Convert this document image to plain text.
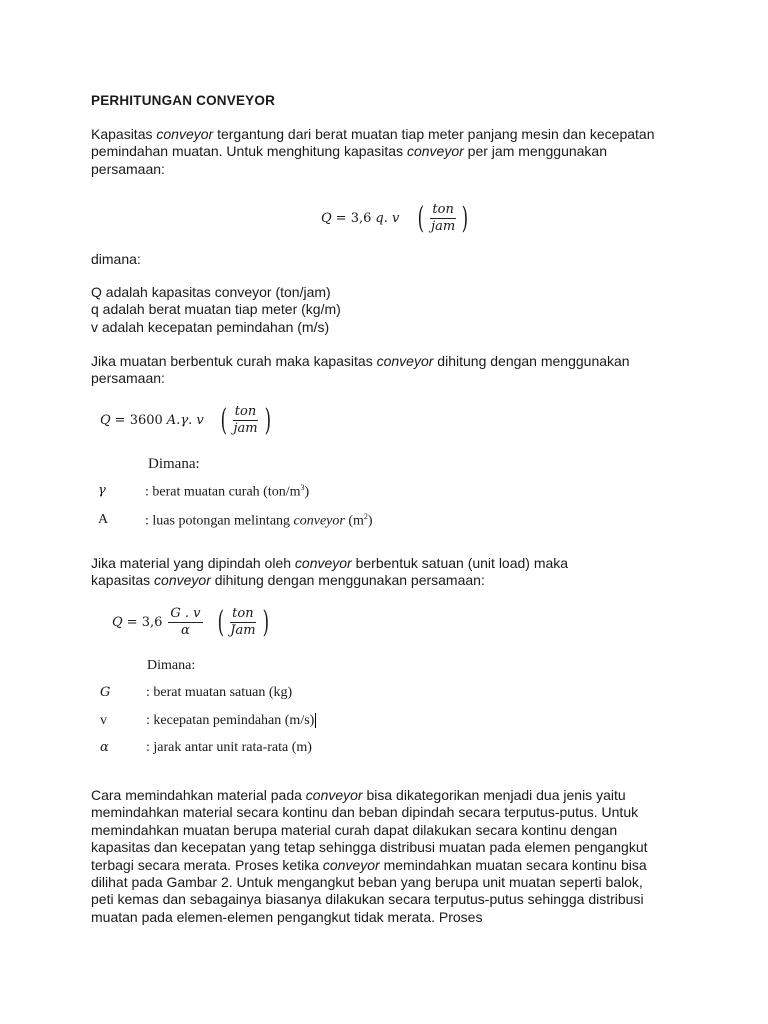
PERHITUNGAN CONVEYOR
Kapasitas conveyor tergantung dari berat muatan tiap meter panjang mesin dan kecepatan
pemindahan muatan. Untuk menghitung kapasitas conveyor per jam menggunakan
persamaan:
Q = 3,6 q .
v ( $\frac{\text{ton}}{\text{jam}}$ )
dimana:
Q adalah kapasitas conveyor (ton/jam)
q adalah berat muatan tiap meter (kg/m)
v adalah kecepatan pemindahan (m/s)
Jika muatan berbentuk curah maka kapasitas conveyor dihitung dengan menggunakan
persamaan:
Q = 3600 A . γ .
v ( $\frac{\text{ton}}{\text{jam}}$ )
Dimana:
γ	: berat muatan curah $(ton/m^3)$
A	: luas potongan melintang conveyor $(m^2)$
Jika material yang dipindah oleh conveyor berbentuk satuan (unit load) maka
kapasitas conveyor dihitung dengan menggunakan persamaan:
$Q = 3,6 \frac{G . v}{\alpha}$ ( $\frac{\text{ton}}{\text{Jam}}$ )
Dimana:
G	: berat muatan satuan (kg)
v	: kecepatan pemindahan (m/s)
α	: jarak antar unit rata-rata (m)
Cara memindahkan material pada conveyor bisa dikategorikan menjadi dua jenis yaitu
memindahkan material secara kontinu dan beban dipindah secara terputus-putus. Untuk
memindahkan muatan berupa material curah dapat dilakukan secara kontinu dengan
kapasitas dan kecepatan yang tetap sehingga distribusi muatan pada elemen pengangkut
terbagi secara merata. Proses ketika conveyor memindahkan muatan secara kontinu bisa
dilihat pada Gambar 2. Untuk mengangkut beban yang berupa unit muatan seperti balok,
peti kemas dan sebagainya biasanya dilakukan secara terputus-putus sehingga distribusi
muatan pada elemen-elemen pengangkut tidak merata. Proses
